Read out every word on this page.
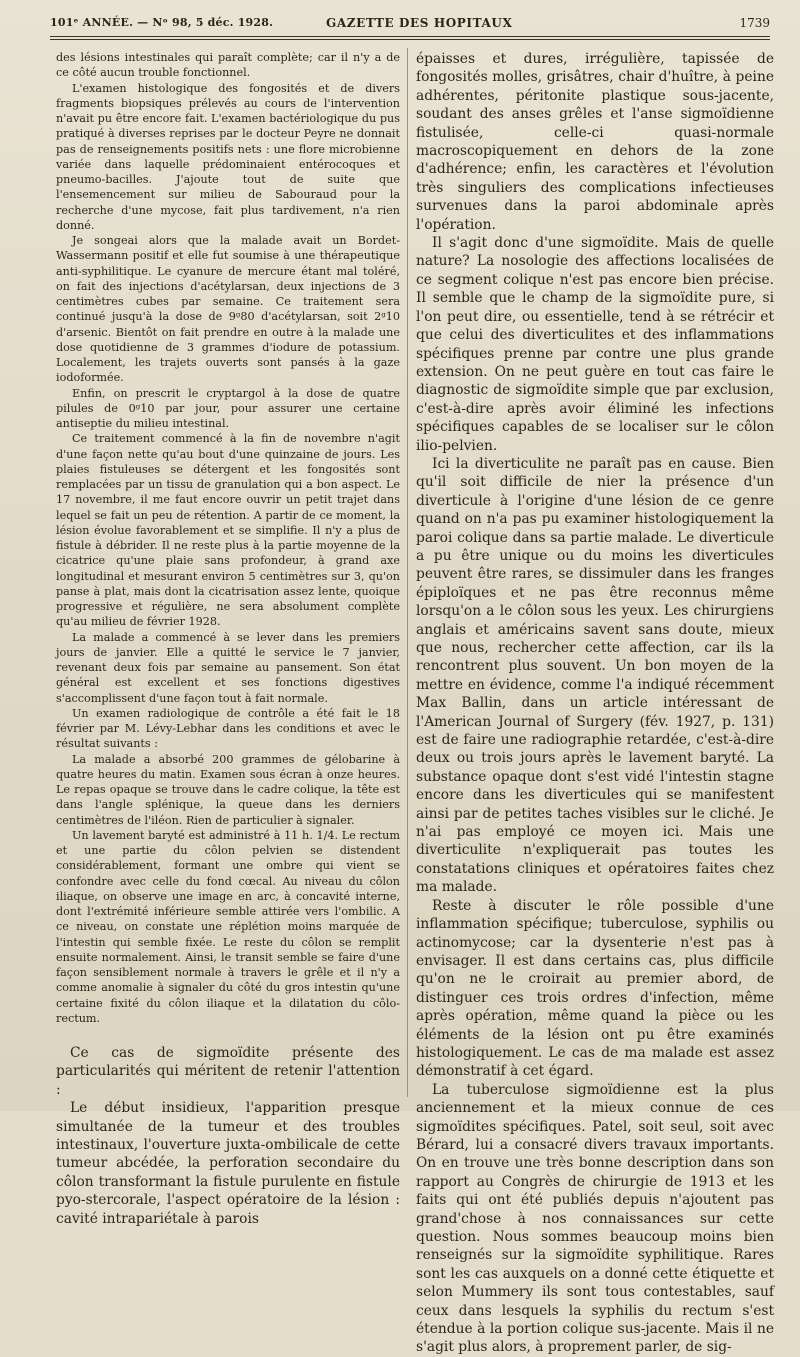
101ᵉ ANNÉE. — Nᵒ 98, 5 déc. 1928.	GAZETTE DES HOPITAUX	1739

des lésions intestinales qui paraît complète; car il n'y a de ce côté aucun trouble fonctionnel.

L'examen histologique des fongosités et de divers fragments biopsiques prélevés au cours de l'intervention n'avait pu être encore fait. L'examen bactériologique du pus pratiqué à diverses reprises par le docteur Peyre ne donnait pas de renseignements positifs nets : une flore microbienne variée dans laquelle prédominaient entérocoques et pneumo-bacilles. J'ajoute tout de suite que l'ensemencement sur milieu de Sabouraud pour la recherche d'une mycose, fait plus tardivement, n'a rien donné.

Je songeai alors que la malade avait un Bordet-Wassermann positif et elle fut soumise à une thérapeutique anti-syphilitique. Le cyanure de mercure étant mal toléré, on fait des injections d'acétylarsan, deux injections de 3 centimètres cubes par semaine. Ce traitement sera continué jusqu'à la dose de 9ᵍ80 d'acétylarsan, soit 2ᵍ10 d'arsenic. Bientôt on fait prendre en outre à la malade une dose quotidienne de 3 grammes d'iodure de potassium. Localement, les trajets ouverts sont pansés à la gaze iodoformée.

Enfin, on prescrit le cryptargol à la dose de quatre pilules de 0ᵍ10 par jour, pour assurer une certaine antiseptie du milieu intestinal.

Ce traitement commencé à la fin de novembre n'agit d'une façon nette qu'au bout d'une quinzaine de jours. Les plaies fistuleuses se détergent et les fongosités sont remplacées par un tissu de granulation qui a bon aspect. Le 17 novembre, il me faut encore ouvrir un petit trajet dans lequel se fait un peu de rétention. A partir de ce moment, la lésion évolue favorablement et se simplifie. Il n'y a plus de fistule à débrider. Il ne reste plus à la partie moyenne de la cicatrice qu'une plaie sans profondeur, à grand axe longitudinal et mesurant environ 5 centimètres sur 3, qu'on panse à plat, mais dont la cicatrisation assez lente, quoique progressive et régulière, ne sera absolument complète qu'au milieu de février 1928.

La malade a commencé à se lever dans les premiers jours de janvier. Elle a quitté le service le 7 janvier, revenant deux fois par semaine au pansement. Son état général est excellent et ses fonctions digestives s'accomplissent d'une façon tout à fait normale.

Un examen radiologique de contrôle a été fait le 18 février par M. Lévy-Lebhar dans les conditions et avec le résultat suivants :

La malade a absorbé 200 grammes de gélobarine à quatre heures du matin. Examen sous écran à onze heures. Le repas opaque se trouve dans le cadre colique, la tête est dans l'angle splénique, la queue dans les derniers centimètres de l'iléon. Rien de particulier à signaler.

Un lavement baryté est administré à 11 h. 1/4. Le rectum et une partie du côlon pelvien se distendent considérablement, formant une ombre qui vient se confondre avec celle du fond cœcal. Au niveau du côlon iliaque, on observe une image en arc, à concavité interne, dont l'extrémité inférieure semble attirée vers l'ombilic. A ce niveau, on constate une réplétion moins marquée de l'intestin qui semble fixée. Le reste du côlon se remplit ensuite normalement. Ainsi, le transit semble se faire d'une façon sensiblement normale à travers le grêle et il n'y a comme anomalie à signaler du côté du gros intestin qu'une certaine fixité du côlon iliaque et la dilatation du côlo-rectum.

Ce cas de sigmoïdite présente des particularités qui méritent de retenir l'attention :

Le début insidieux, l'apparition presque simultanée de la tumeur et des troubles intestinaux, l'ouverture juxta-ombilicale de cette tumeur abcédée, la perforation secondaire du côlon transformant la fistule purulente en fistule pyo-stercorale, l'aspect opératoire de la lésion : cavité intrapariétale à parois

épaisses et dures, irrégulière, tapissée de fongosités molles, grisâtres, chair d'huître, à peine adhérentes, péritonite plastique sous-jacente, soudant des anses grêles et l'anse sigmoïdienne fistulisée, celle-ci quasi-normale macroscopiquement en dehors de la zone d'adhérence; enfin, les caractères et l'évolution très singuliers des complications infectieuses survenues dans la paroi abdominale après l'opération.

Il s'agit donc d'une sigmoïdite. Mais de quelle nature? La nosologie des affections localisées de ce segment colique n'est pas encore bien précise. Il semble que le champ de la sigmoïdite pure, si l'on peut dire, ou essentielle, tend à se rétrécir et que celui des diverticulites et des inflammations spécifiques prenne par contre une plus grande extension. On ne peut guère en tout cas faire le diagnostic de sigmoïdite simple que par exclusion, c'est-à-dire après avoir éliminé les infections spécifiques capables de se localiser sur le côlon ilio-pelvien.

Ici la diverticulite ne paraît pas en cause. Bien qu'il soit difficile de nier la présence d'un diverticule à l'origine d'une lésion de ce genre quand on n'a pas pu examiner histologiquement la paroi colique dans sa partie malade. Le diverticule a pu être unique ou du moins les diverticules peuvent être rares, se dissimuler dans les franges épiploïques et ne pas être reconnus même lorsqu'on a le côlon sous les yeux. Les chirurgiens anglais et américains savent sans doute, mieux que nous, rechercher cette affection, car ils la rencontrent plus souvent. Un bon moyen de la mettre en évidence, comme l'a indiqué récemment Max Ballin, dans un article intéressant de l'American Journal of Surgery (fév. 1927, p. 131) est de faire une radiographie retardée, c'est-à-dire deux ou trois jours après le lavement baryté. La substance opaque dont s'est vidé l'intestin stagne encore dans les diverticules qui se manifestent ainsi par de petites taches visibles sur le cliché. Je n'ai pas employé ce moyen ici. Mais une diverticulite n'expliquerait pas toutes les constatations cliniques et opératoires faites chez ma malade.

Reste à discuter le rôle possible d'une inflammation spécifique; tuberculose, syphilis ou actinomycose; car la dysenterie n'est pas à envisager. Il est dans certains cas, plus difficile qu'on ne le croirait au premier abord, de distinguer ces trois ordres d'infection, même après opération, même quand la pièce ou les éléments de la lésion ont pu être examinés histologiquement. Le cas de ma malade est assez démonstratif à cet égard.

La tuberculose sigmoïdienne est la plus anciennement et la mieux connue de ces sigmoïdites spécifiques. Patel, soit seul, soit avec Bérard, lui a consacré divers travaux importants. On en trouve une très bonne description dans son rapport au Congrès de chirurgie de 1913 et les faits qui ont été publiés depuis n'ajoutent pas grand'chose à nos connaissances sur cette question. Nous sommes beaucoup moins bien renseignés sur la sigmoïdite syphilitique. Rares sont les cas auxquels on a donné cette étiquette et selon Mummery ils sont tous contestables, sauf ceux dans lesquels la syphilis du rectum s'est étendue à la portion colique sus-jacente. Mais il ne s'agit plus alors, à proprement parler, de sig-
